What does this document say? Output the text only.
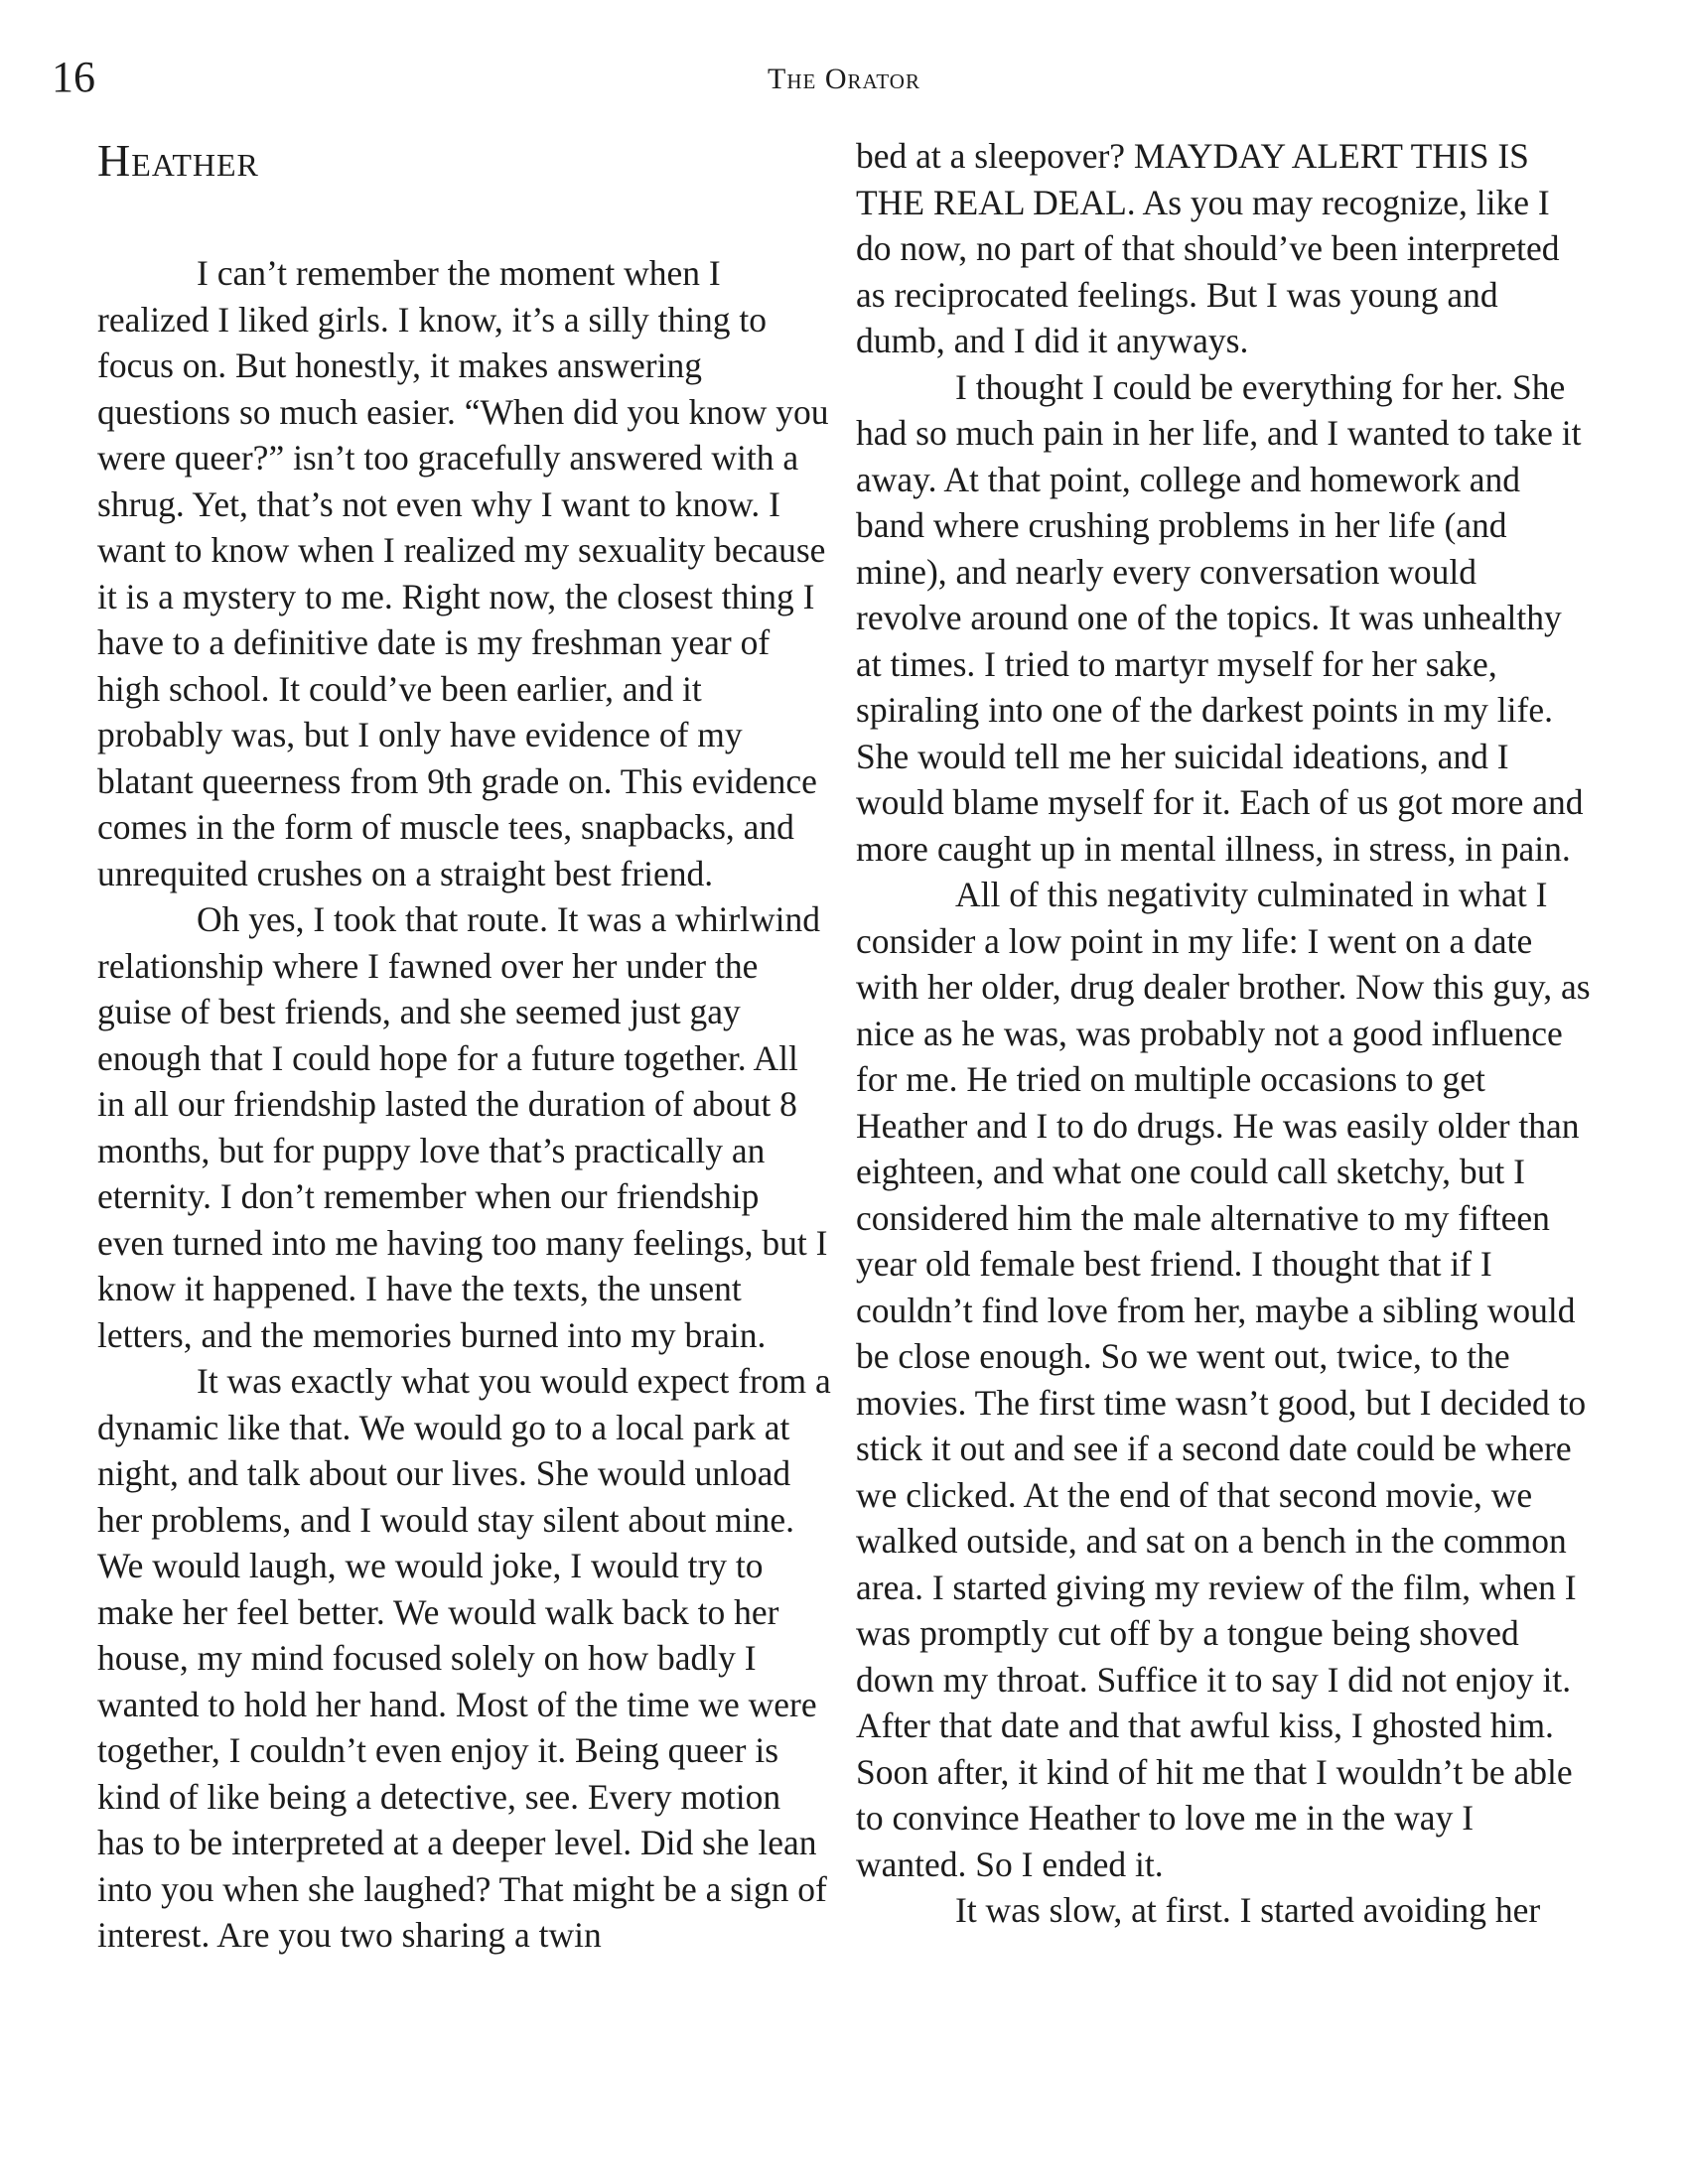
16	The Orator
Heather

I can’t remember the moment when I realized I liked girls. I know, it’s a silly thing to focus on. But honestly, it makes answering questions so much easier. “When did you know you were queer?” isn’t too gracefully answered with a shrug. Yet, that’s not even why I want to know. I want to know when I realized my sexuality because it is a mystery to me. Right now, the closest thing I have to a definitive date is my freshman year of high school. It could’ve been earlier, and it probably was, but I only have evidence of my blatant queerness from 9th grade on. This evidence comes in the form of muscle tees, snapbacks, and unrequited crushes on a straight best friend.

Oh yes, I took that route. It was a whirlwind relationship where I fawned over her under the guise of best friends, and she seemed just gay enough that I could hope for a future together. All in all our friendship lasted the duration of about 8 months, but for puppy love that’s practically an eternity. I don’t remember when our friendship even turned into me having too many feelings, but I know it happened. I have the texts, the unsent letters, and the memories burned into my brain.

It was exactly what you would expect from a dynamic like that. We would go to a local park at night, and talk about our lives. She would unload her problems, and I would stay silent about mine. We would laugh, we would joke, I would try to make her feel better. We would walk back to her house, my mind focused solely on how badly I wanted to hold her hand. Most of the time we were together, I couldn’t even enjoy it. Being queer is kind of like being a detective, see. Every motion has to be interpreted at a deeper level. Did she lean into you when she laughed? That might be a sign of interest. Are you two sharing a twin

bed at a sleepover? MAYDAY ALERT THIS IS THE REAL DEAL. As you may recognize, like I do now, no part of that should’ve been interpreted as reciprocated feelings. But I was young and dumb, and I did it anyways.

I thought I could be everything for her. She had so much pain in her life, and I wanted to take it away. At that point, college and homework and band where crushing problems in her life (and mine), and nearly every conversation would revolve around one of the topics. It was unhealthy at times. I tried to martyr myself for her sake, spiraling into one of the darkest points in my life. She would tell me her suicidal ideations, and I would blame myself for it. Each of us got more and more caught up in mental illness, in stress, in pain.

All of this negativity culminated in what I consider a low point in my life: I went on a date with her older, drug dealer brother. Now this guy, as nice as he was, was probably not a good influence for me. He tried on multiple occasions to get Heather and I to do drugs. He was easily older than eighteen, and what one could call sketchy, but I considered him the male alternative to my fifteen year old female best friend. I thought that if I couldn’t find love from her, maybe a sibling would be close enough. So we went out, twice, to the movies. The first time wasn’t good, but I decided to stick it out and see if a second date could be where we clicked. At the end of that second movie, we walked outside, and sat on a bench in the common area. I started giving my review of the film, when I was promptly cut off by a tongue being shoved down my throat. Suffice it to say I did not enjoy it. After that date and that awful kiss, I ghosted him. Soon after, it kind of hit me that I wouldn’t be able to convince Heather to love me in the way I wanted. So I ended it.

It was slow, at first. I started avoiding her
